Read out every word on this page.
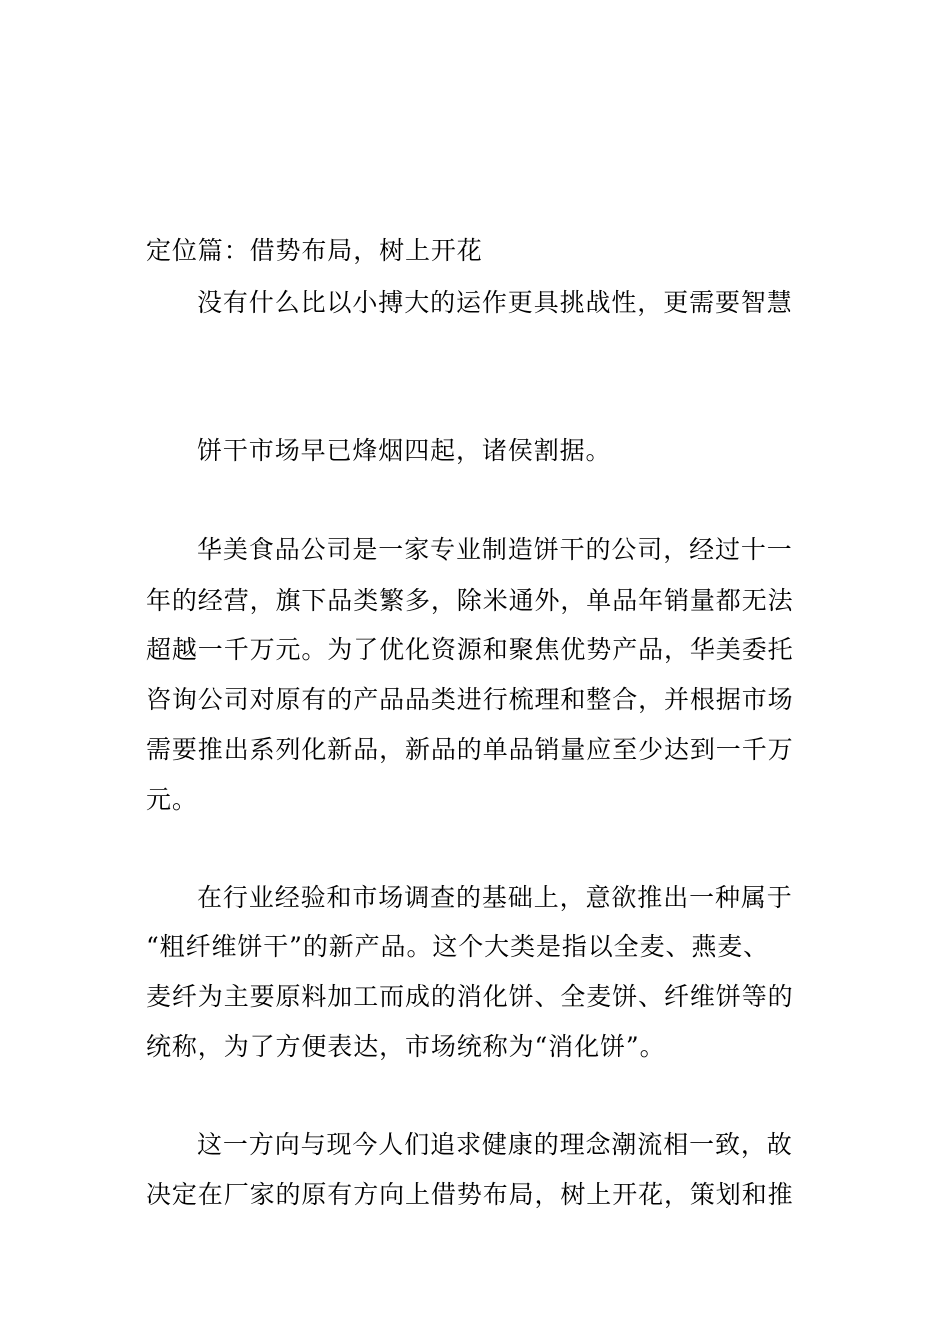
定位篇：借势布局，树上开花
没有什么比以小搏大的运作更具挑战性，更需要智慧
饼干市场早已烽烟四起，诸侯割据。
华美食品公司是一家专业制造饼干的公司，经过十一
年的经营，旗下品类繁多，除米通外，单品年销量都无法
超越一千万元。为了优化资源和聚焦优势产品，华美委托
咨询公司对原有的产品品类进行梳理和整合，并根据市场
需要推出系列化新品，新品的单品销量应至少达到一千万
元。
在行业经验和市场调查的基础上，意欲推出一种属于
“粗纤维饼干”的新产品。这个大类是指以全麦、燕麦、
麦纤为主要原料加工而成的消化饼、全麦饼、纤维饼等的
统称，为了方便表达，市场统称为“消化饼”。
这一方向与现今人们追求健康的理念潮流相一致，故
决定在厂家的原有方向上借势布局，树上开花，策划和推
